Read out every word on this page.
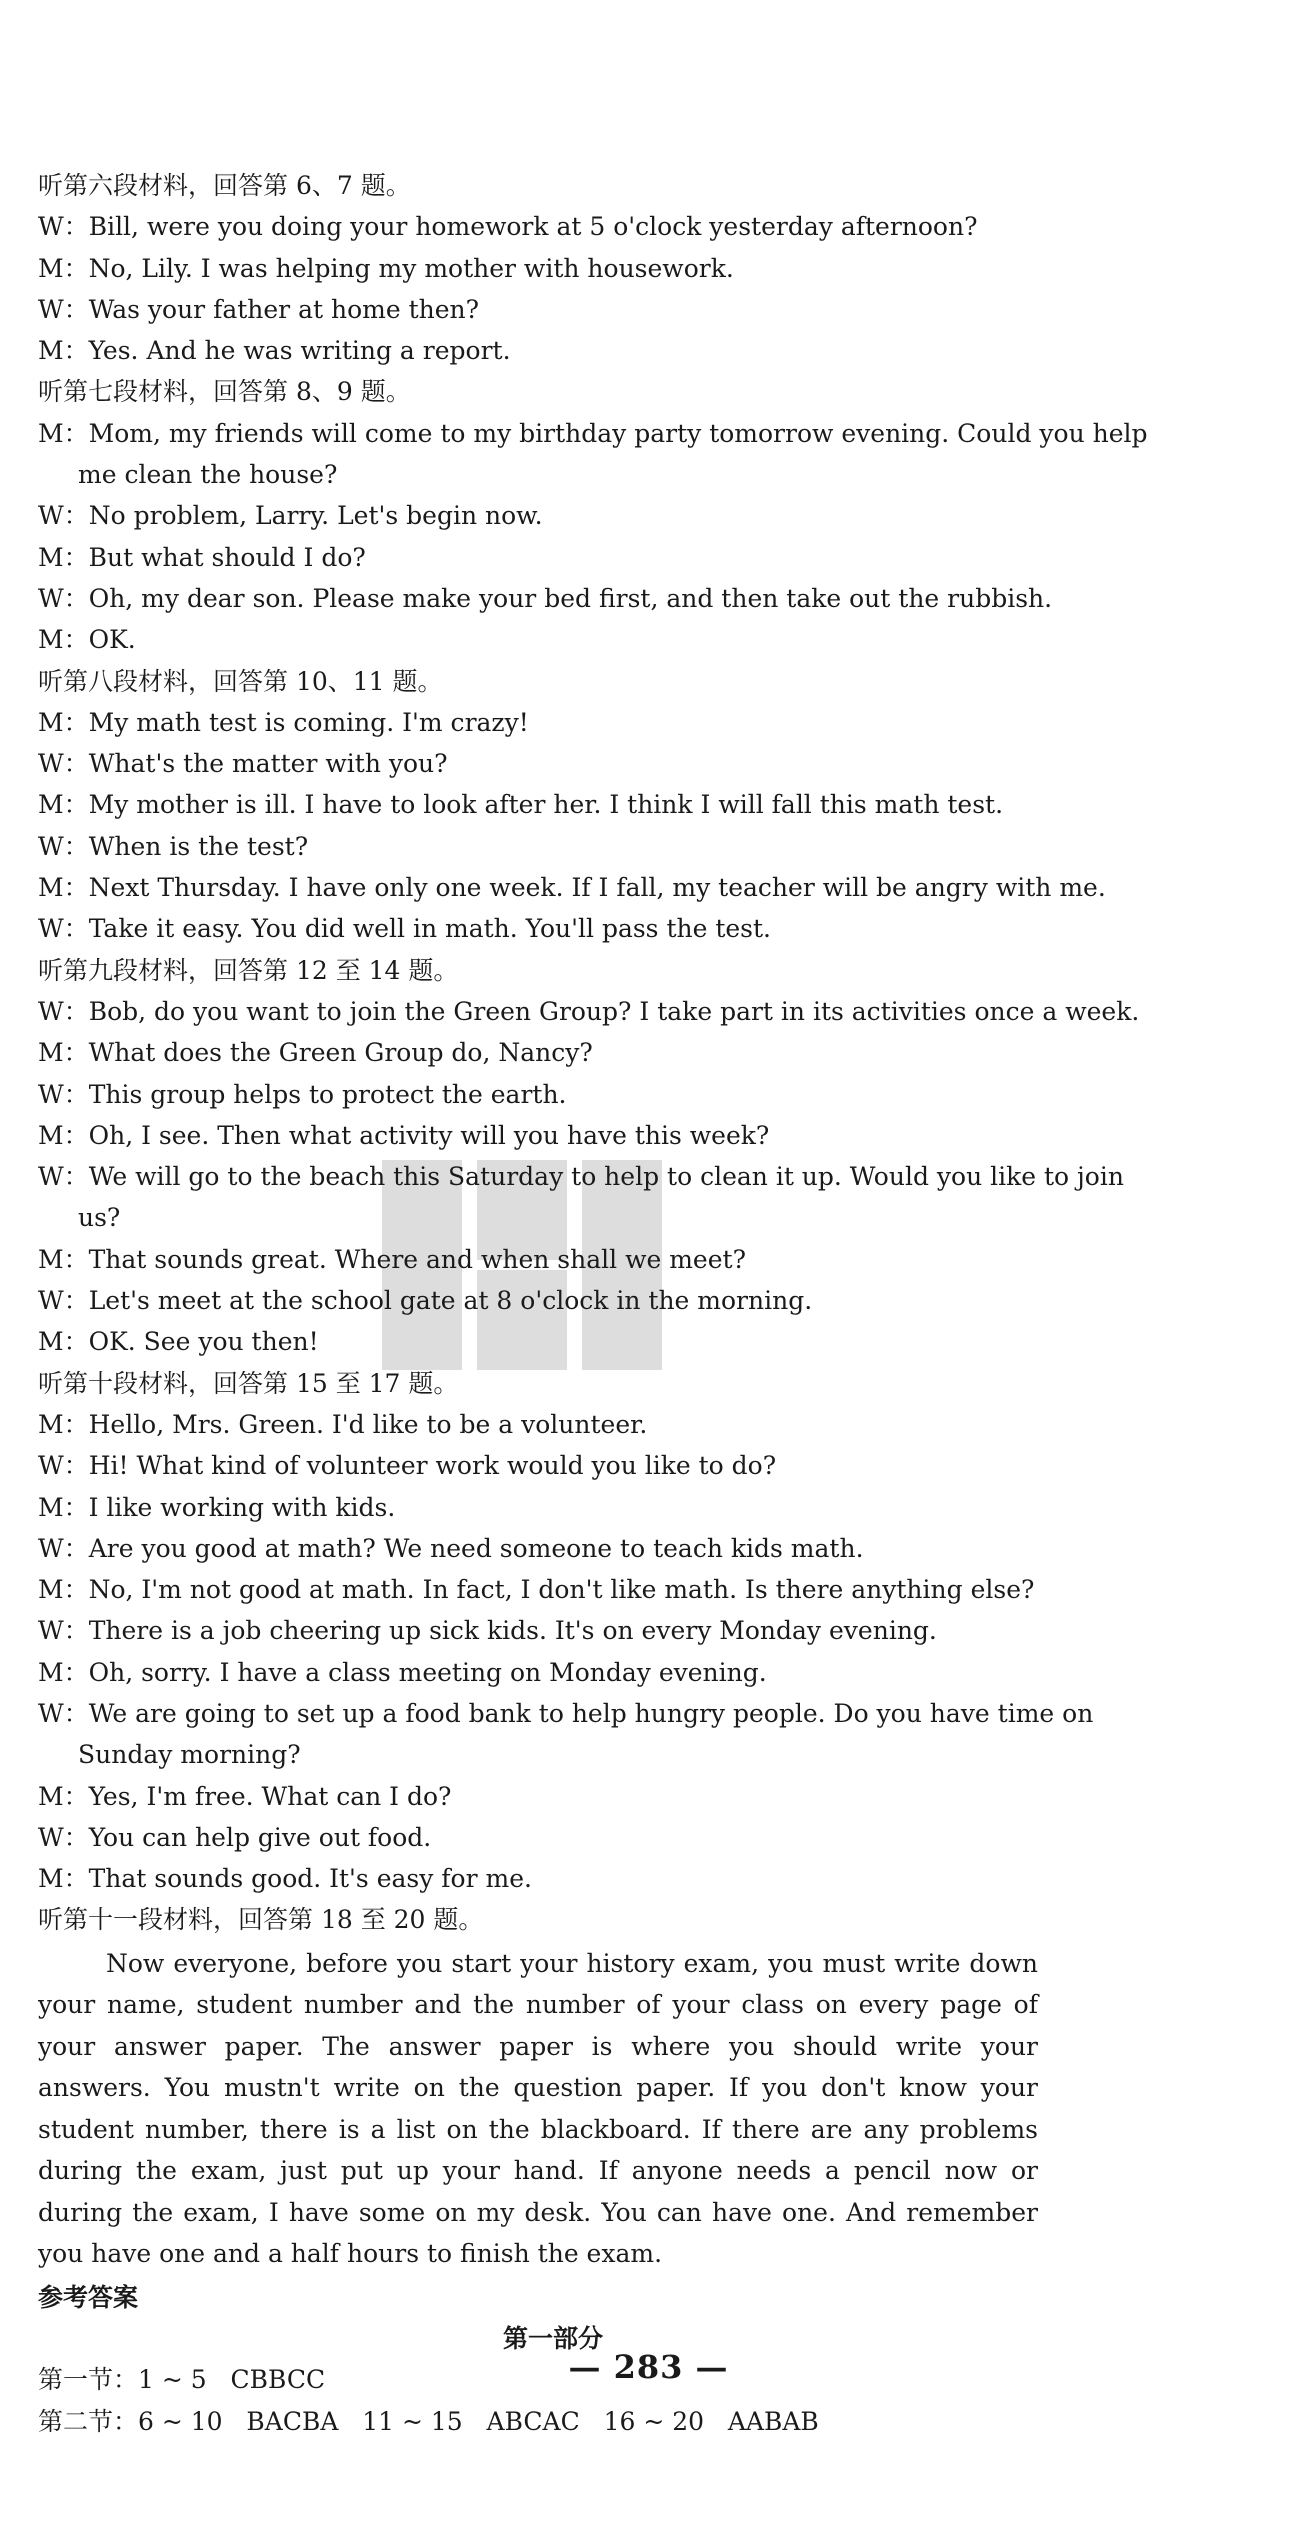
听第六段材料，回答第 6、7 题。
W：Bill, were you doing your homework at 5 o'clock yesterday afternoon?
M：No, Lily. I was helping my mother with housework.
W：Was your father at home then?
M：Yes. And he was writing a report.
听第七段材料，回答第 8、9 题。
M：Mom, my friends will come to my birthday party tomorrow evening. Could you help
me clean the house?
W：No problem, Larry. Let's begin now.
M：But what should I do?
W：Oh, my dear son. Please make your bed first, and then take out the rubbish.
M：OK.
听第八段材料，回答第 10、11 题。
M：My math test is coming. I'm crazy!
W：What's the matter with you?
M：My mother is ill. I have to look after her. I think I will fall this math test.
W：When is the test?
M：Next Thursday. I have only one week. If I fall, my teacher will be angry with me.
W：Take it easy. You did well in math. You'll pass the test.
听第九段材料，回答第 12 至 14 题。
W：Bob, do you want to join the Green Group? I take part in its activities once a week.
M：What does the Green Group do, Nancy?
W：This group helps to protect the earth.
M：Oh, I see. Then what activity will you have this week?
W：We will go to the beach this Saturday to help to clean it up. Would you like to join
us?
M：That sounds great. Where and when shall we meet?
W：Let's meet at the school gate at 8 o'clock in the morning.
M：OK. See you then!
听第十段材料，回答第 15 至 17 题。
M：Hello, Mrs. Green. I'd like to be a volunteer.
W：Hi! What kind of volunteer work would you like to do?
M：I like working with kids.
W：Are you good at math? We need someone to teach kids math.
M：No, I'm not good at math. In fact, I don't like math. Is there anything else?
W：There is a job cheering up sick kids. It's on every Monday evening.
M：Oh, sorry. I have a class meeting on Monday evening.
W：We are going to set up a food bank to help hungry people. Do you have time on
Sunday morning?
M：Yes, I'm free. What can I do?
W：You can help give out food.
M：That sounds good. It's easy for me.
听第十一段材料，回答第 18 至 20 题。
Now everyone, before you start your history exam, you must write down your name, student number and the number of your class on every page of your answer paper. The answer paper is where you should write your answers. You mustn't write on the question paper. If you don't know your student number, there is a list on the blackboard. If there are any problems during the exam, just put up your hand. If anyone needs a pencil now or during the exam, I have some on my desk. You can have one. And remember you have one and a half hours to finish the exam.
参考答案
第一部分
第一节：1 ~ 5   CBBCC
第二节：6 ~ 10   BACBA   11 ~ 15   ABCAC   16 ~ 20   AABAB
— 283 —
